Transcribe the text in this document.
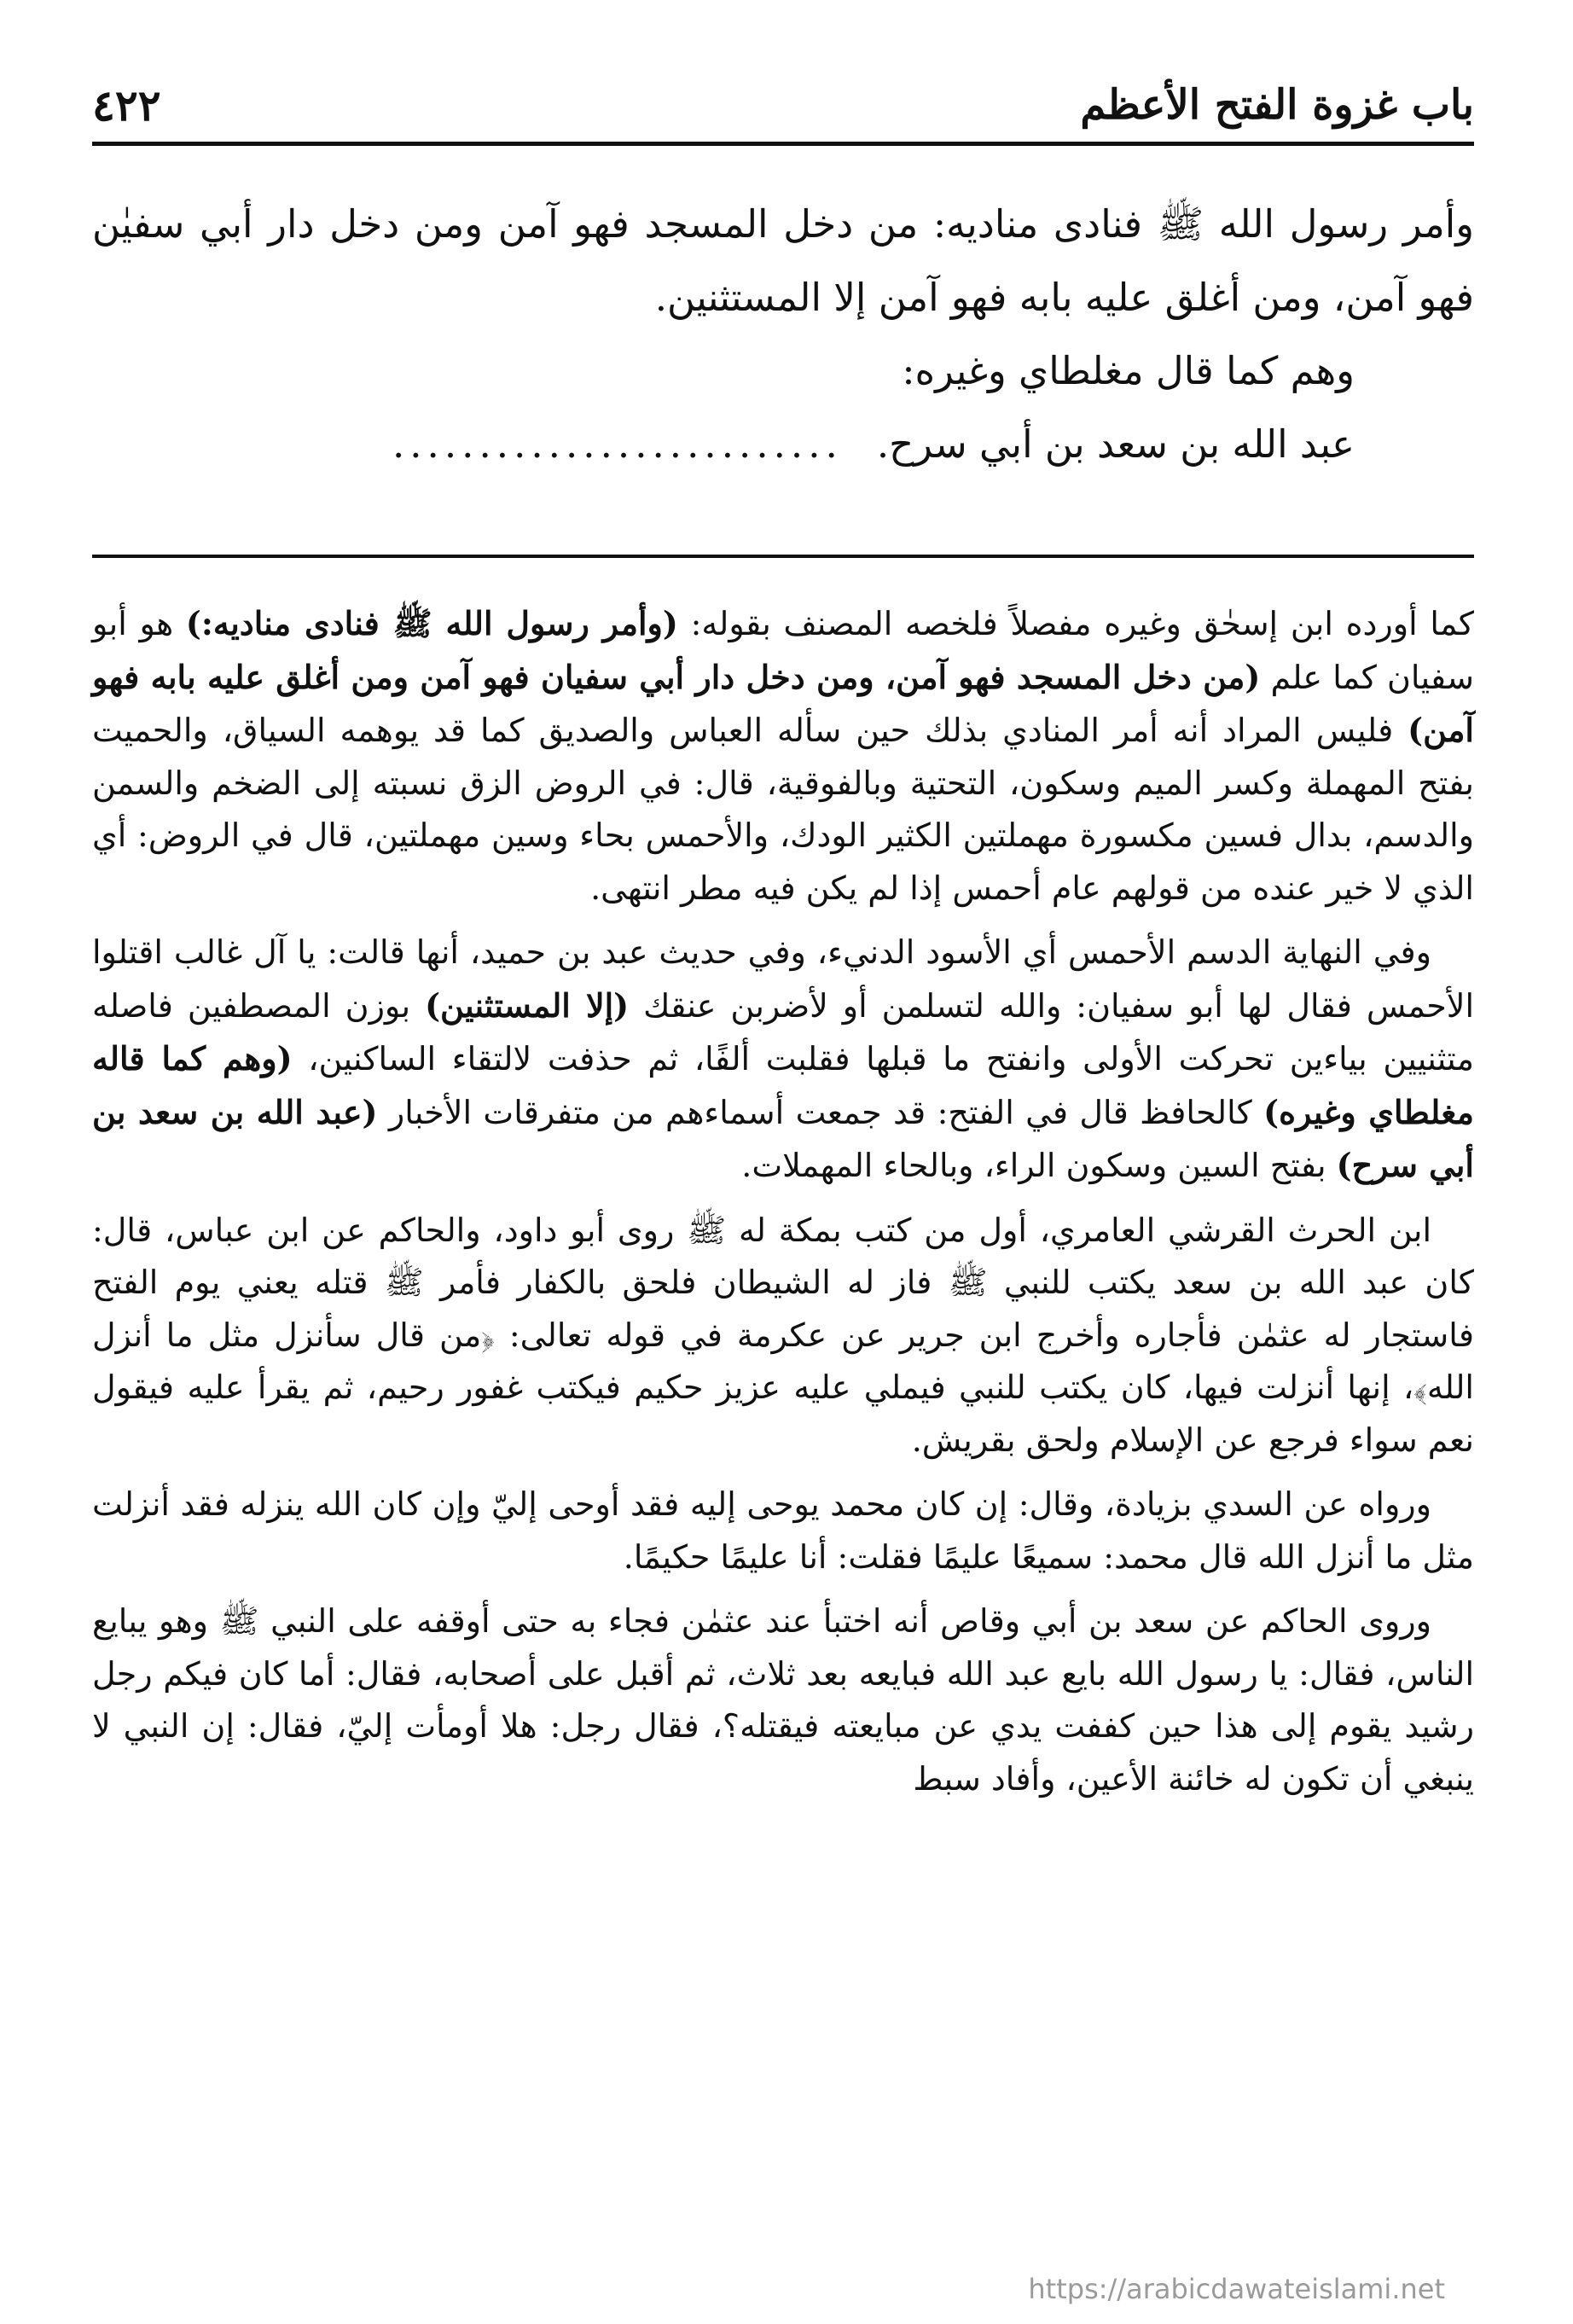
باب غزوة الفتح الأعظم
٤٢٢

وأمر رسول الله ﷺ فنادى مناديه: من دخل المسجد فهو آمن ومن دخل دار أبي سفيٰن فهو آمن، ومن أغلق عليه بابه فهو آمن إلا المستثنين.

وهم كما قال مغلطاي وغيره:

عبد الله بن سعد بن أبي سرح...........................

كما أورده ابن إسحٰق وغيره مفصلاً فلخصه المصنف بقوله: (وأمر رسول الله ﷺ فنادى مناديه:) هو أبو سفيان كما علم (من دخل المسجد فهو آمن، ومن دخل دار أبي سفيان فهو آمن ومن أغلق عليه بابه فهو آمن) فليس المراد أنه أمر المنادي بذلك حين سأله العباس والصديق كما قد يوهمه السياق، والحميت بفتح المهملة وكسر الميم وسكون، التحتية وبالفوقية، قال: في الروض الزق نسبته إلى الضخم والسمن والدسم، بدال فسين مكسورة مهملتين الكثير الودك، والأحمس بحاء وسين مهملتين، قال في الروض: أي الذي لا خير عنده من قولهم عام أحمس إذا لم يكن فيه مطر انتهى.

وفي النهاية الدسم الأحمس أي الأسود الدنيء، وفي حديث عبد بن حميد، أنها قالت: يا آل غالب اقتلوا الأحمس فقال لها أبو سفيان: والله لتسلمن أو لأضربن عنقك (إلا المستثنين) بوزن المصطفين فاصله متثنيين بياءين تحركت الأولى وانفتح ما قبلها فقلبت ألفًا، ثم حذفت لالتقاء الساكنين، (وهم كما قاله مغلطاي وغيره) كالحافظ قال في الفتح: قد جمعت أسماءهم من متفرقات الأخبار (عبد الله بن سعد بن أبي سرح) بفتح السين وسكون الراء، وبالحاء المهملات.

ابن الحرث القرشي العامري، أول من كتب بمكة له ﷺ روى أبو داود، والحاكم عن ابن عباس، قال: كان عبد الله بن سعد يكتب للنبي ﷺ فاز له الشيطان فلحق بالكفار فأمر ﷺ قتله يعني يوم الفتح فاستجار له عثمٰن فأجاره وأخرج ابن جرير عن عكرمة في قوله تعالى: ﴿من قال سأنزل مثل ما أنزل الله﴾، إنها أنزلت فيها، كان يكتب للنبي فيملي عليه عزيز حكيم فيكتب غفور رحيم، ثم يقرأ عليه فيقول نعم سواء فرجع عن الإسلام ولحق بقريش.

ورواه عن السدي بزيادة، وقال: إن كان محمد يوحى إليه فقد أوحى إليّ وإن كان الله ينزله فقد أنزلت مثل ما أنزل الله قال محمد: سميعًا عليمًا فقلت: أنا عليمًا حكيمًا.

وروى الحاكم عن سعد بن أبي وقاص أنه اختبأ عند عثمٰن فجاء به حتى أوقفه على النبي ﷺ وهو يبايع الناس، فقال: يا رسول الله بايع عبد الله فبايعه بعد ثلاث، ثم أقبل على أصحابه، فقال: أما كان فيكم رجل رشيد يقوم إلى هذا حين كففت يدي عن مبايعته فيقتله؟، فقال رجل: هلا أومأت إليّ، فقال: إن النبي لا ينبغي أن تكون له خائنة الأعين، وأفاد سبط

https://arabicdawateislami.net
